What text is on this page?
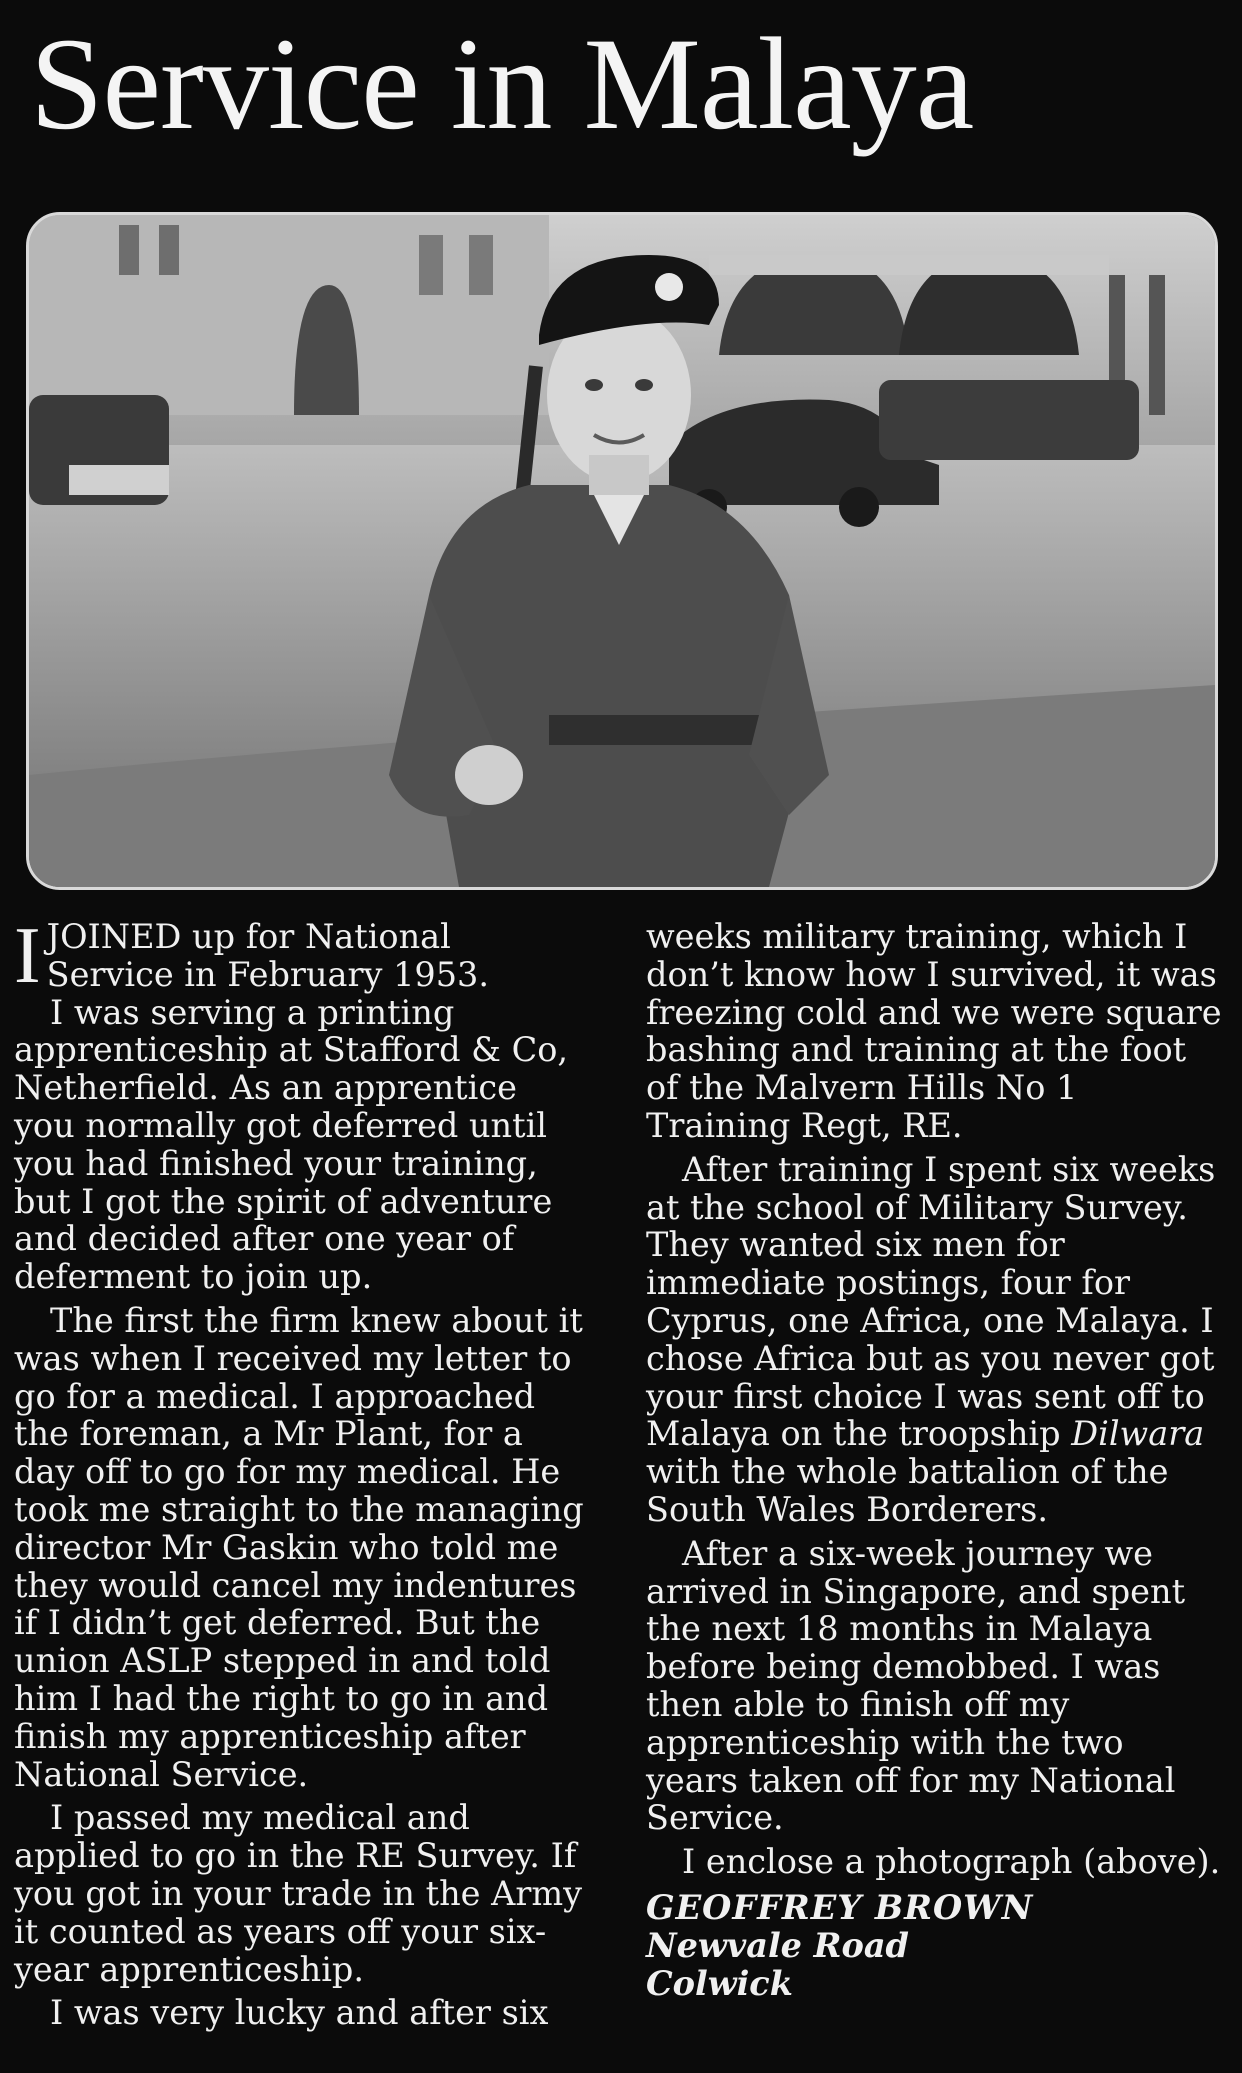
Service in Malaya

IJOINED up for National Service in February 1953.

I was serving a printing apprenticeship at Stafford & Co, Netherfield. As an apprentice you normally got deferred until you had finished your training, but I got the spirit of adventure and decided after one year of deferment to join up.

The first the firm knew about it was when I received my letter to go for a medical. I approached the foreman, a Mr Plant, for a day off to go for my medical. He took me straight to the managing director Mr Gaskin who told me they would cancel my indentures if I didn’t get deferred. But the union ASLP stepped in and told him I had the right to go in and finish my apprenticeship after National Service.

I passed my medical and applied to go in the RE Survey. If you got in your trade in the Army it counted as years off your six-year apprenticeship.

I was very lucky and after six

weeks military training, which I don’t know how I survived, it was freezing cold and we were square bashing and training at the foot of the Malvern Hills No 1 Training Regt, RE.

After training I spent six weeks at the school of Military Survey. They wanted six men for immediate postings, four for Cyprus, one Africa, one Malaya. I chose Africa but as you never got your first choice I was sent off to Malaya on the troopship Dilwara with the whole battalion of the South Wales Borderers.

After a six-week journey we arrived in Singapore, and spent the next 18 months in Malaya before being demobbed. I was then able to finish off my apprenticeship with the two years taken off for my National Service.

I enclose a photograph (above).

GEOFFREY BROWN

Newvale Road

Colwick
